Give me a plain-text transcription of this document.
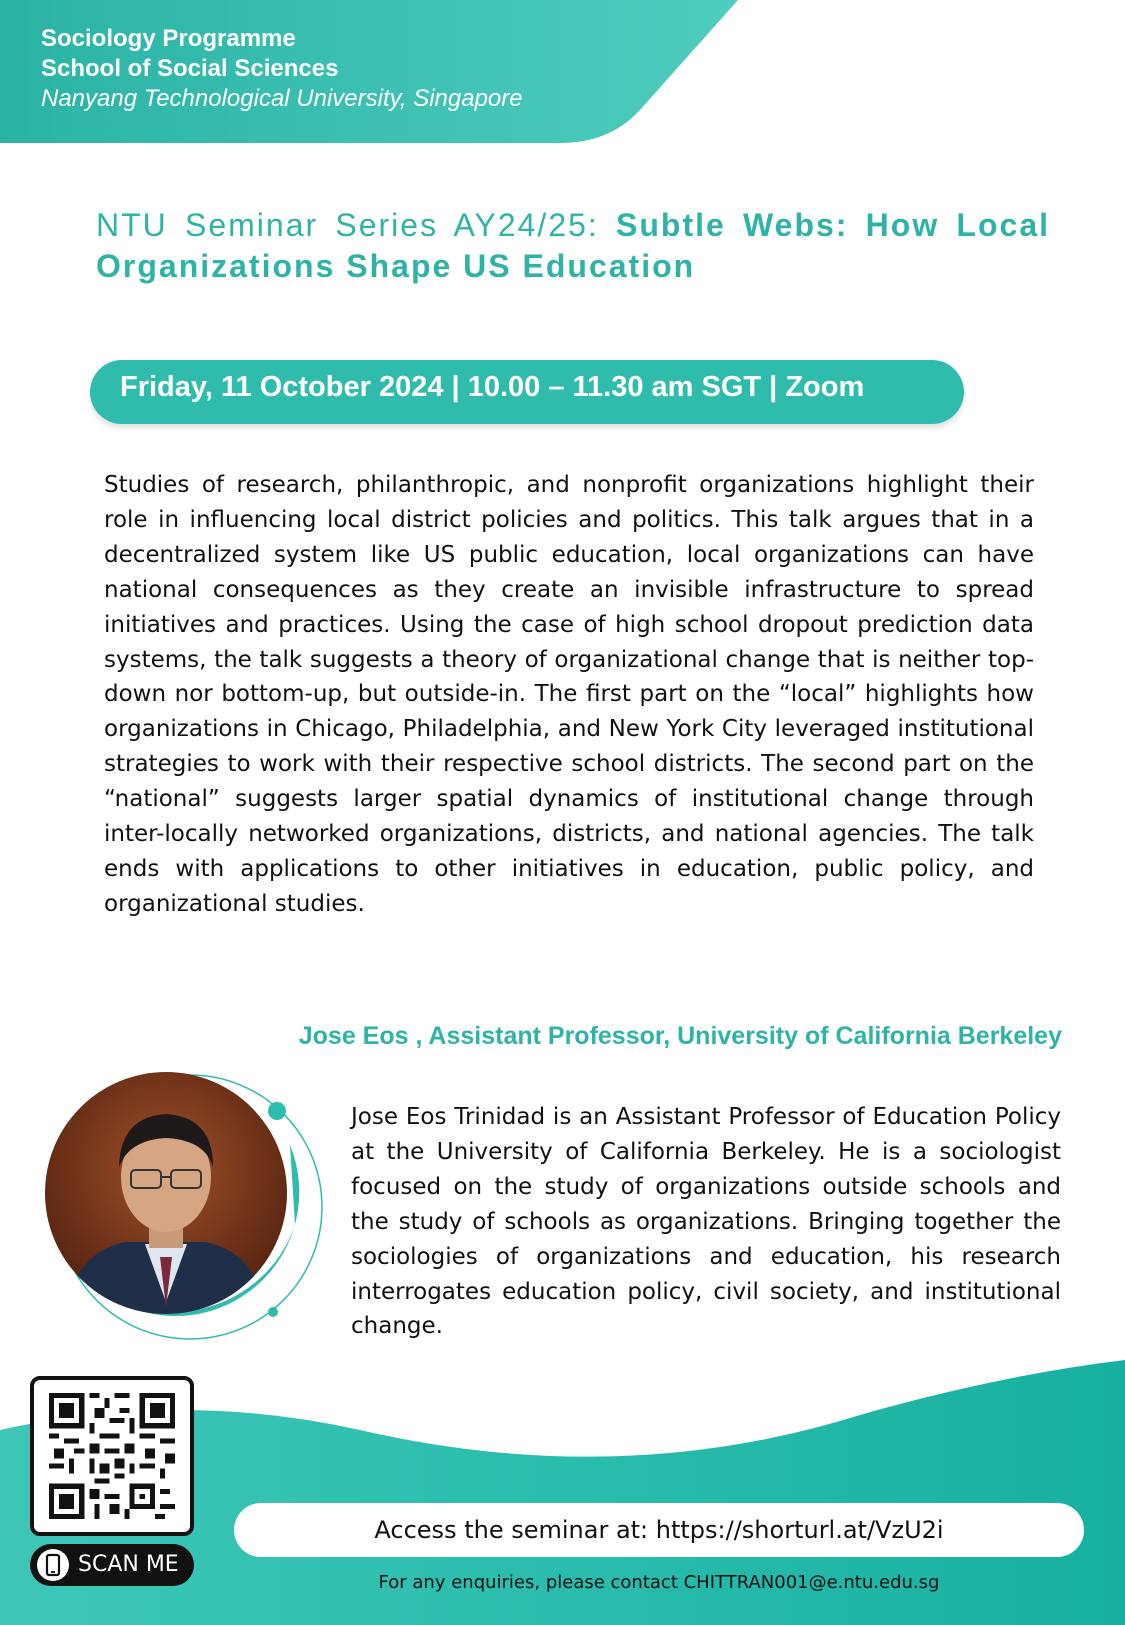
Sociology Programme
School of Social Sciences
Nanyang Technological University, Singapore
NTU Seminar Series AY24/25: Subtle Webs: How Local Organizations Shape US Education
Friday, 11 October 2024 | 10.00 – 11.30 am SGT | Zoom

Studies of research, philanthropic, and nonprofit organizations highlight their role in influencing local district policies and politics. This talk argues that in a decentralized system like US public education, local organizations can have national consequences as they create an invisible infrastructure to spread initiatives and practices. Using the case of high school dropout prediction data systems, the talk suggests a theory of organizational change that is neither top-down nor bottom-up, but outside-in. The first part on the “local” highlights how organizations in Chicago, Philadelphia, and New York City leveraged institutional strategies to work with their respective school districts. The second part on the “national” suggests larger spatial dynamics of institutional change through inter-locally networked organizations, districts, and national agencies. The talk ends with applications to other initiatives in education, public policy, and organizational studies.

Jose Eos , Assistant Professor, University of California Berkeley

Jose Eos Trinidad is an Assistant Professor of Education Policy at the University of California Berkeley. He is a sociologist focused on the study of organizations outside schools and the study of schools as organizations. Bringing together the sociologies of organizations and education, his research interrogates education policy, civil society, and institutional change.

SCAN ME
Access the seminar at: https://shorturl.at/VzU2i
For any enquiries, please contact CHITTRAN001@e.ntu.edu.sg
